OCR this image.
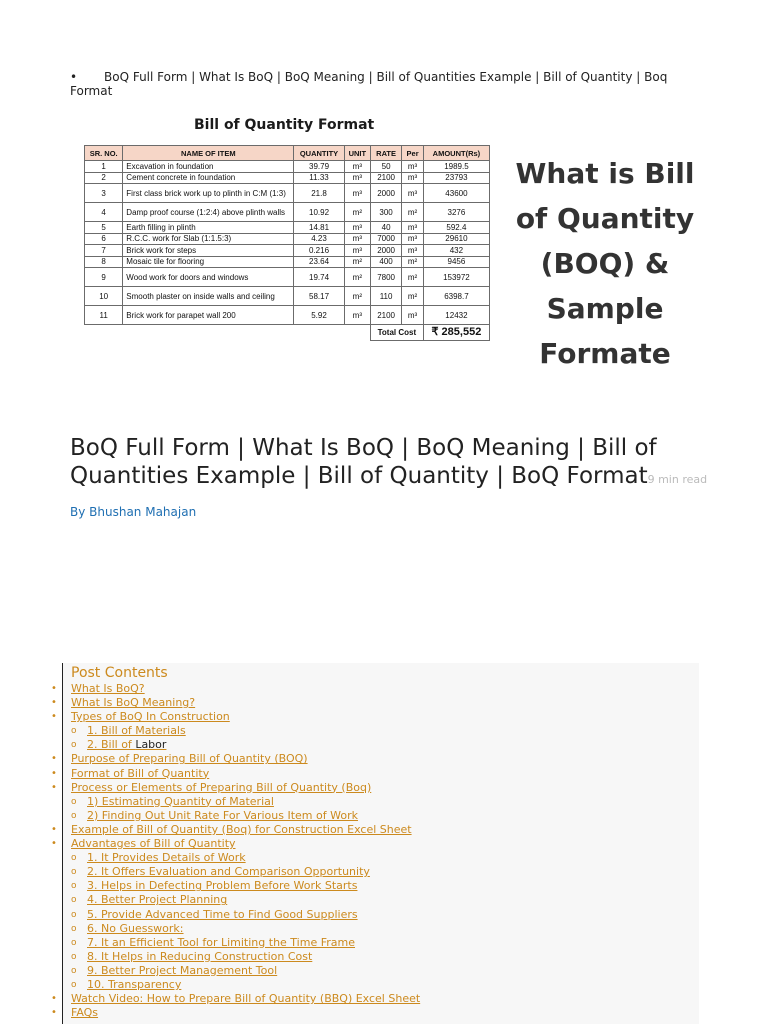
• BoQ Full Form | What Is BoQ | BoQ Meaning | Bill of Quantities Example | Bill of Quantity | Boq Format
Bill of Quantity Format
SR. NO.	NAME OF ITEM	QUANTITY	UNIT	RATE	Per	AMOUNT(Rs)
1	Excavation in foundation	39.79	m³	50	m³	1989.5
2	Cement concrete in foundation	11.33	m³	2100	m³	23793
3	First class brick work up to plinth in C:M (1:3)	21.8	m³	2000	m³	43600
4	Damp proof course (1:2:4) above plinth walls	10.92	m²	300	m²	3276
5	Earth filling in plinth	14.81	m³	40	m³	592.4
6	R.C.C. work for Slab (1:1.5:3)	4.23	m³	7000	m³	29610
7	Brick work for steps	0.216	m³	2000	m³	432
8	Mosaic tile for flooring	23.64	m²	400	m²	9456
9	Wood work for doors and windows	19.74	m²	7800	m²	153972
10	Smooth plaster on inside walls and ceiling	58.17	m²	110	m²	6398.7
11	Brick work for parapet wall 200	5.92	m³	2100	m³	12432
				Total Cost		₹ 285,552
What is Bill of Quantity (BOQ) & Sample Formate
BoQ Full Form | What Is BoQ | BoQ Meaning | Bill of Quantities Example | Bill of Quantity | BoQ Format9 min read
By Bhushan Mahajan
Post Contents
• What Is BoQ?
• What Is BoQ Meaning?
• Types of BoQ In Construction
o 1. Bill of Materials
o 2. Bill of Labor
• Purpose of Preparing Bill of Quantity (BOQ)
• Format of Bill of Quantity
• Process or Elements of Preparing Bill of Quantity (Boq)
o 1) Estimating Quantity of Material
o 2) Finding Out Unit Rate For Various Item of Work
• Example of Bill of Quantity (Boq) for Construction Excel Sheet
• Advantages of Bill of Quantity
o 1. It Provides Details of Work
o 2. It Offers Evaluation and Comparison Opportunity
o 3. Helps in Defecting Problem Before Work Starts
o 4. Better Project Planning
o 5. Provide Advanced Time to Find Good Suppliers
o 6. No Guesswork:
o 7. It an Efficient Tool for Limiting the Time Frame
o 8. It Helps in Reducing Construction Cost
o 9. Better Project Management Tool
o 10. Transparency
• Watch Video: How to Prepare Bill of Quantity (BBQ) Excel Sheet
• FAQs
